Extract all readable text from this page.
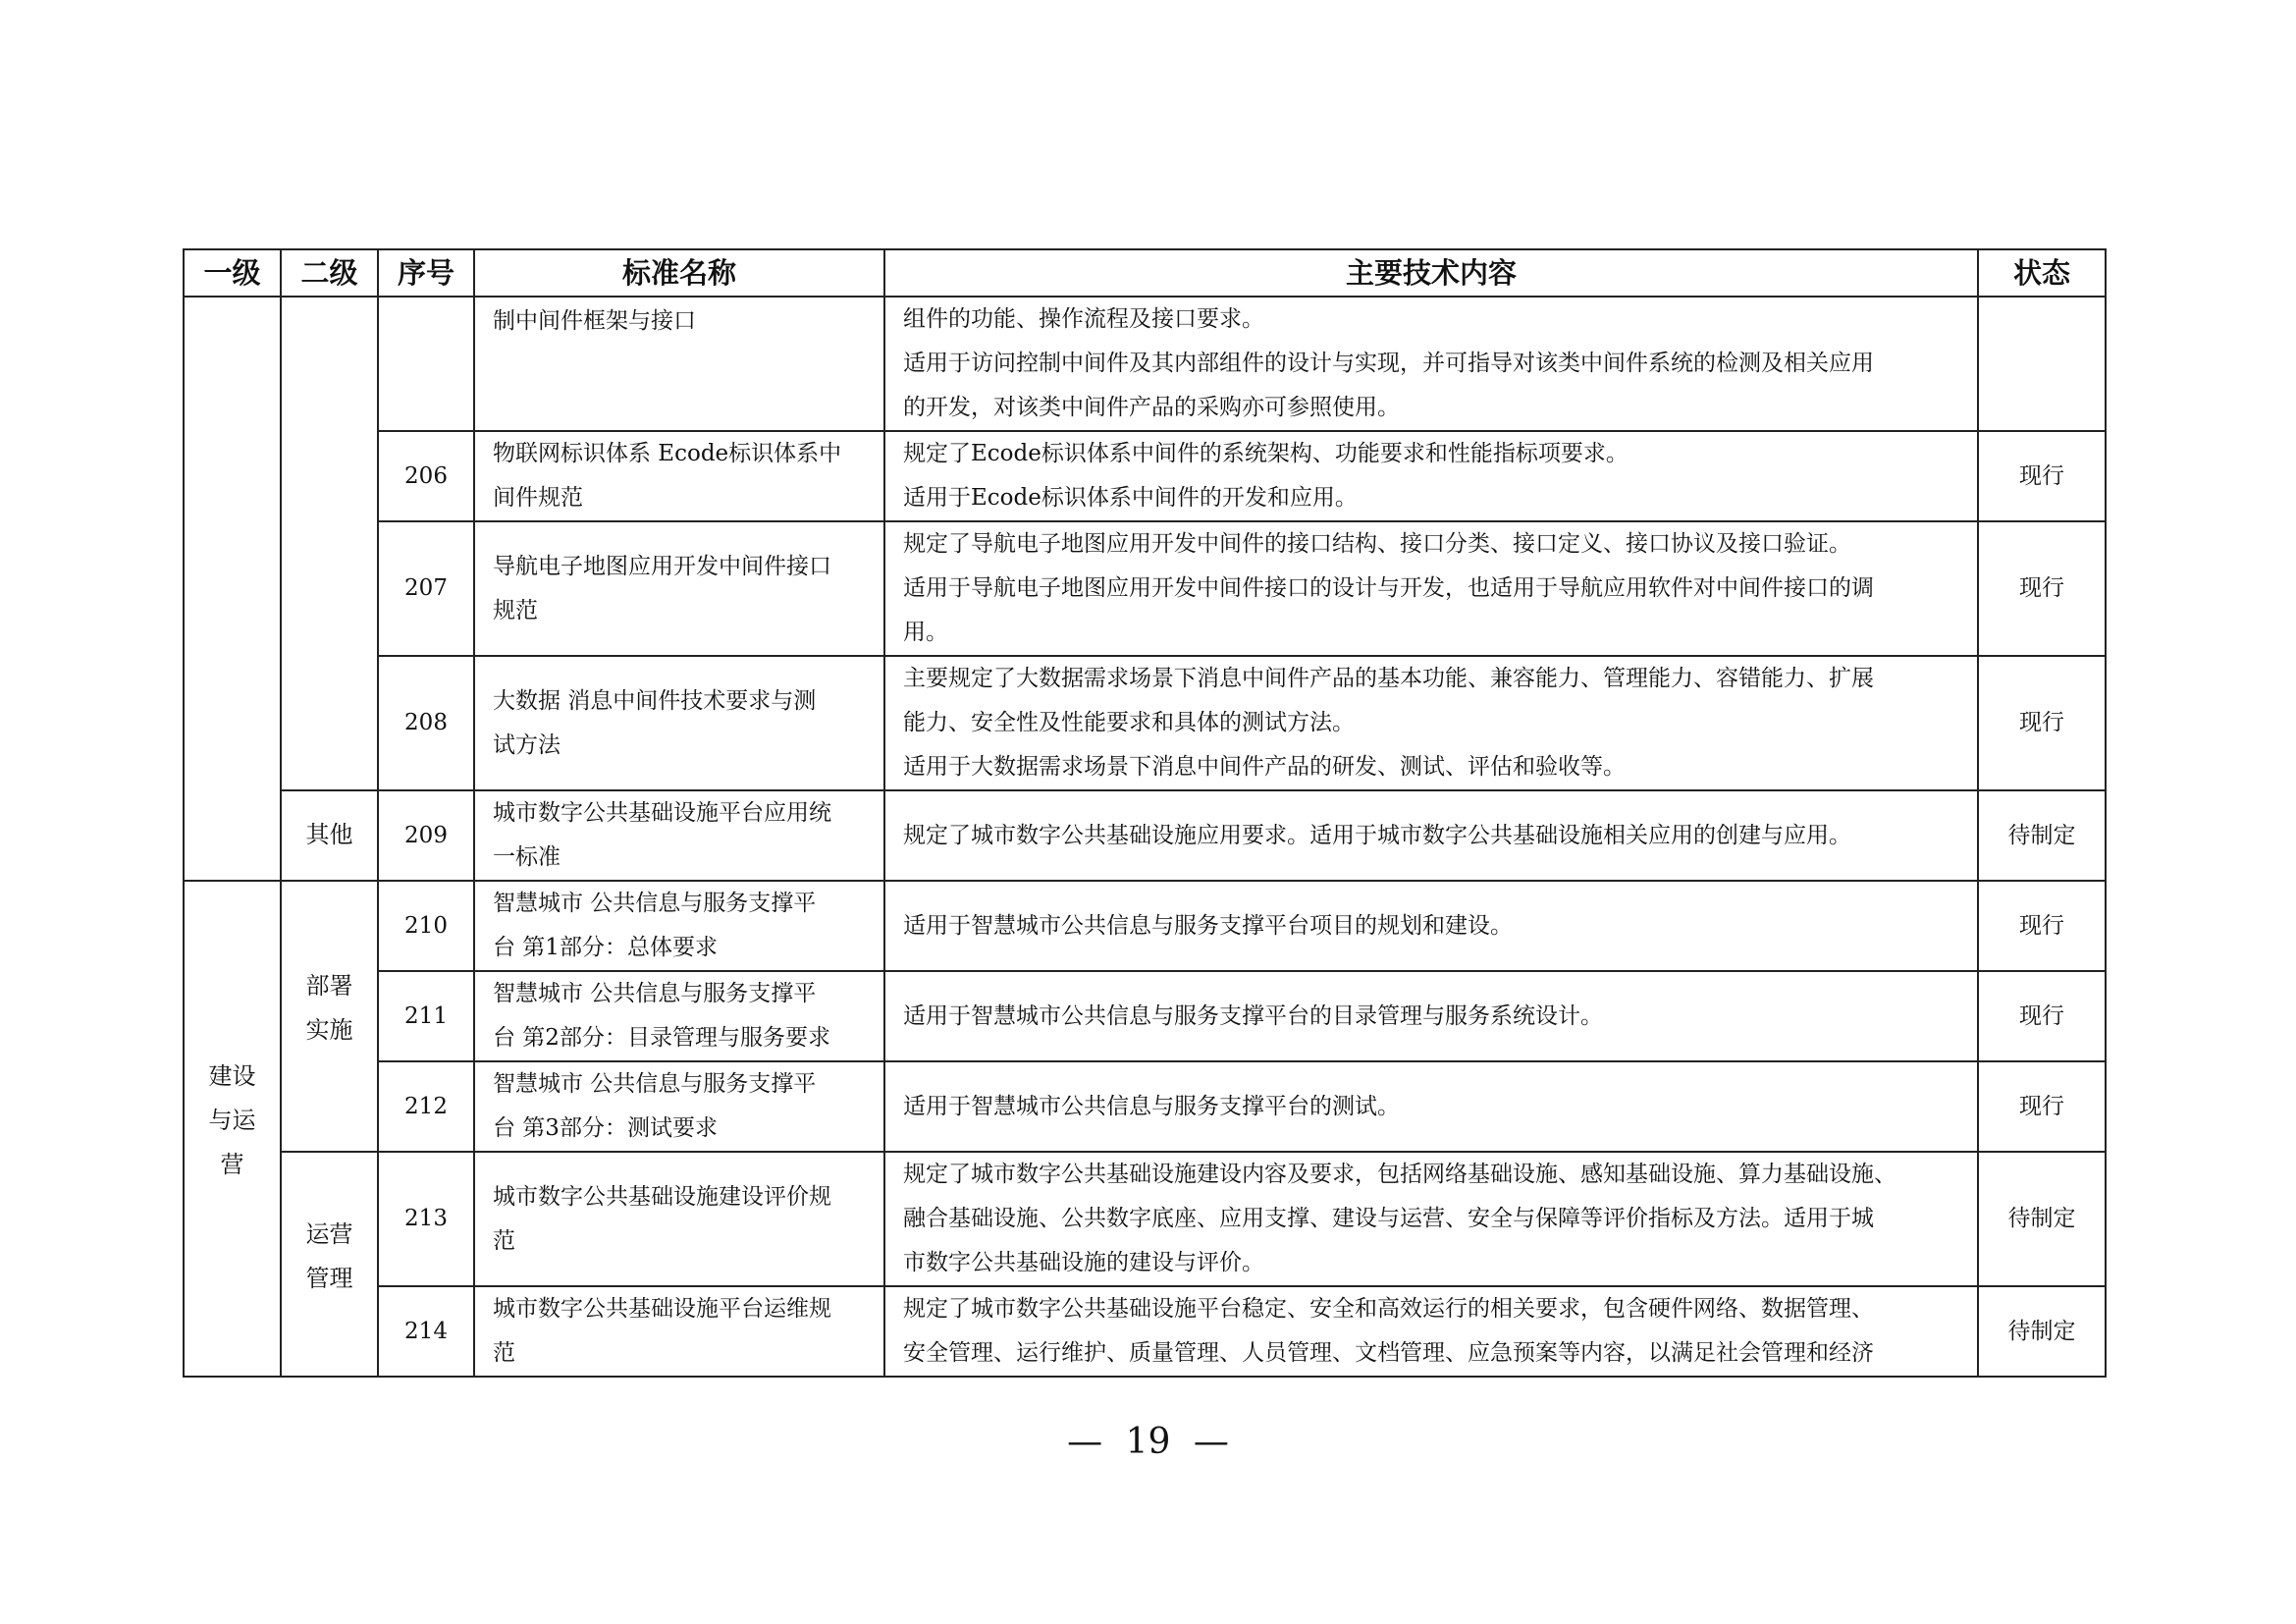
一级	二级	序号	标准名称	主要技术内容	状态

			制中间件框架与接口	组件的功能、操作流程及接口要求。
适用于访问控制中间件及其内部组件的设计与实现，并可指导对该类中间件系统的检测及相关应用
的开发，对该类中间件产品的采购亦可参照使用。	

		206	物联网标识体系 Ecode标识体系中
间件规范	规定了Ecode标识体系中间件的系统架构、功能要求和性能指标项要求。
适用于Ecode标识体系中间件的开发和应用。	现行
		207	导航电子地图应用开发中间件接口
规范	规定了导航电子地图应用开发中间件的接口结构、接口分类、接口定义、接口协议及接口验证。
适用于导航电子地图应用开发中间件接口的设计与开发，也适用于导航应用软件对中间件接口的调
用。	现行
		208	大数据 消息中间件技术要求与测
试方法	主要规定了大数据需求场景下消息中间件产品的基本功能、兼容能力、管理能力、容错能力、扩展
能力、安全性及性能要求和具体的测试方法。
适用于大数据需求场景下消息中间件产品的研发、测试、评估和验收等。	现行
	其他	209	城市数字公共基础设施平台应用统
一标准	规定了城市数字公共基础设施应用要求。适用于城市数字公共基础设施相关应用的创建与应用。	待制定

建设
与运
营	部署
实施	210	智慧城市 公共信息与服务支撑平
台 第1部分：总体要求	适用于智慧城市公共信息与服务支撑平台项目的规划和建设。	现行
		211	智慧城市 公共信息与服务支撑平
台 第2部分：目录管理与服务要求	适用于智慧城市公共信息与服务支撑平台的目录管理与服务系统设计。	现行
		212	智慧城市 公共信息与服务支撑平
台 第3部分：测试要求	适用于智慧城市公共信息与服务支撑平台的测试。	现行

	运营
管理	213	城市数字公共基础设施建设评价规
范	规定了城市数字公共基础设施建设内容及要求，包括网络基础设施、感知基础设施、算力基础设施、
融合基础设施、公共数字底座、应用支撑、建设与运营、安全与保障等评价指标及方法。适用于城
市数字公共基础设施的建设与评价。	待制定
		214	城市数字公共基础设施平台运维规
范	规定了城市数字公共基础设施平台稳定、安全和高效运行的相关要求，包含硬件网络、数据管理、
安全管理、运行维护、质量管理、人员管理、文档管理、应急预案等内容，以满足社会管理和经济	待制定
— 19 —
